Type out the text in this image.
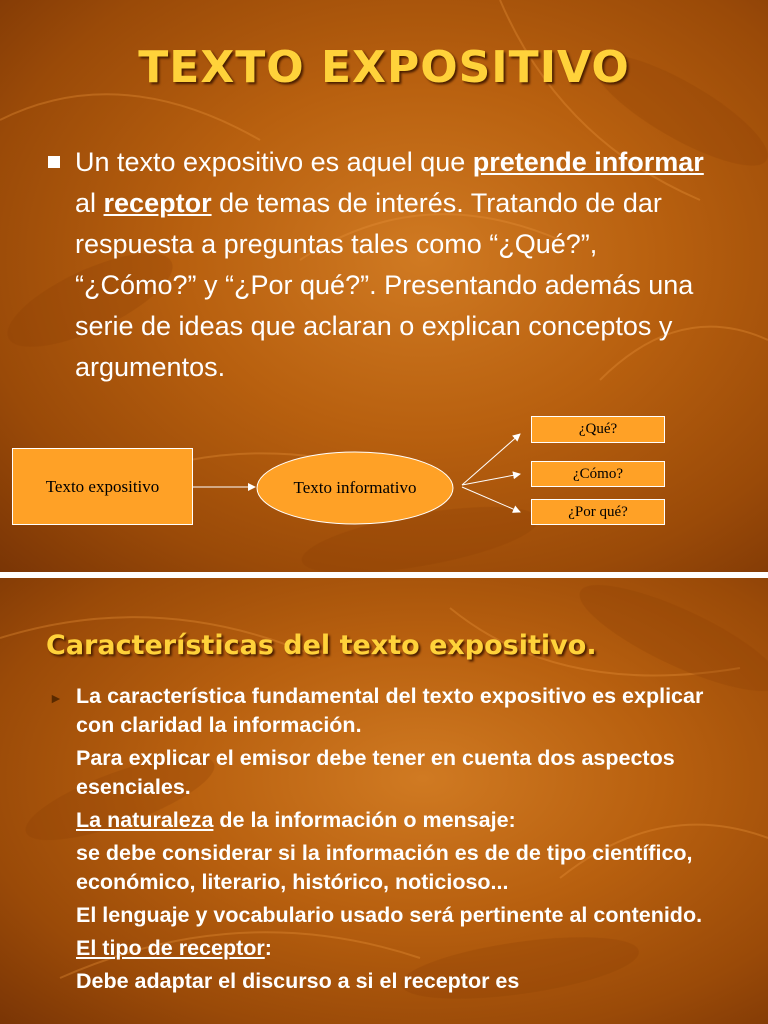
TEXTO EXPOSITIVO
Un texto expositivo es aquel que pretende informar al receptor de temas de interés. Tratando de dar respuesta a preguntas tales como “¿Qué?”, “¿Cómo?” y “¿Por qué?”. Presentando además una serie de ideas que aclaran o explican conceptos y argumentos.
Texto expositivo	Texto informativo
¿Qué?
¿Cómo?
¿Por qué?
Características del texto expositivo.
► La característica fundamental del texto expositivo es explicar con claridad la información.

Para explicar el emisor debe tener en cuenta dos aspectos esenciales.

La naturaleza de la información o mensaje:

se debe considerar si la información es de de tipo científico, económico, literario, histórico, noticioso...

El lenguaje y vocabulario usado será pertinente al contenido.

El tipo de receptor:

Debe adaptar el discurso a si el receptor es
